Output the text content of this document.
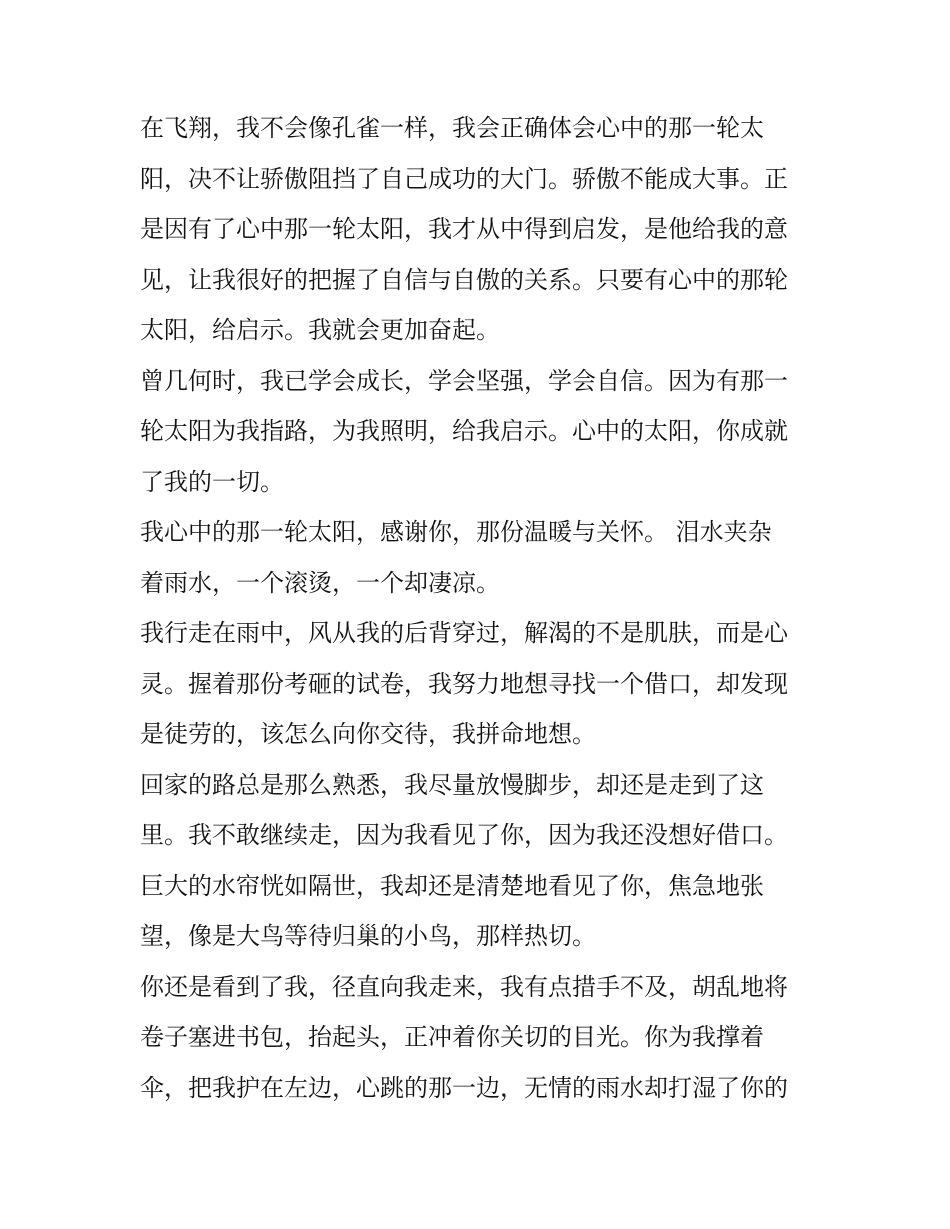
在飞翔，我不会像孔雀一样，我会正确体会心中的那一轮太
阳，决不让骄傲阻挡了自己成功的大门。骄傲不能成大事。正
是因有了心中那一轮太阳，我才从中得到启发，是他给我的意
见，让我很好的把握了自信与自傲的关系。只要有心中的那轮
太阳，给启示。我就会更加奋起。
曾几何时，我已学会成长，学会坚强，学会自信。因为有那一
轮太阳为我指路，为我照明，给我启示。心中的太阳，你成就
了我的一切。
我心中的那一轮太阳，感谢你，那份温暖与关怀。 泪水夹杂
着雨水，一个滚烫，一个却凄凉。
我行走在雨中，风从我的后背穿过，解渴的不是肌肤，而是心
灵。握着那份考砸的试卷，我努力地想寻找一个借口，却发现
是徒劳的，该怎么向你交待，我拼命地想。
回家的路总是那么熟悉，我尽量放慢脚步，却还是走到了这
里。我不敢继续走，因为我看见了你，因为我还没想好借口。
巨大的水帘恍如隔世，我却还是清楚地看见了你，焦急地张
望，像是大鸟等待归巢的小鸟，那样热切。
你还是看到了我，径直向我走来，我有点措手不及，胡乱地将
卷子塞进书包，抬起头，正冲着你关切的目光。你为我撑着
伞，把我护在左边，心跳的那一边，无情的雨水却打湿了你的
